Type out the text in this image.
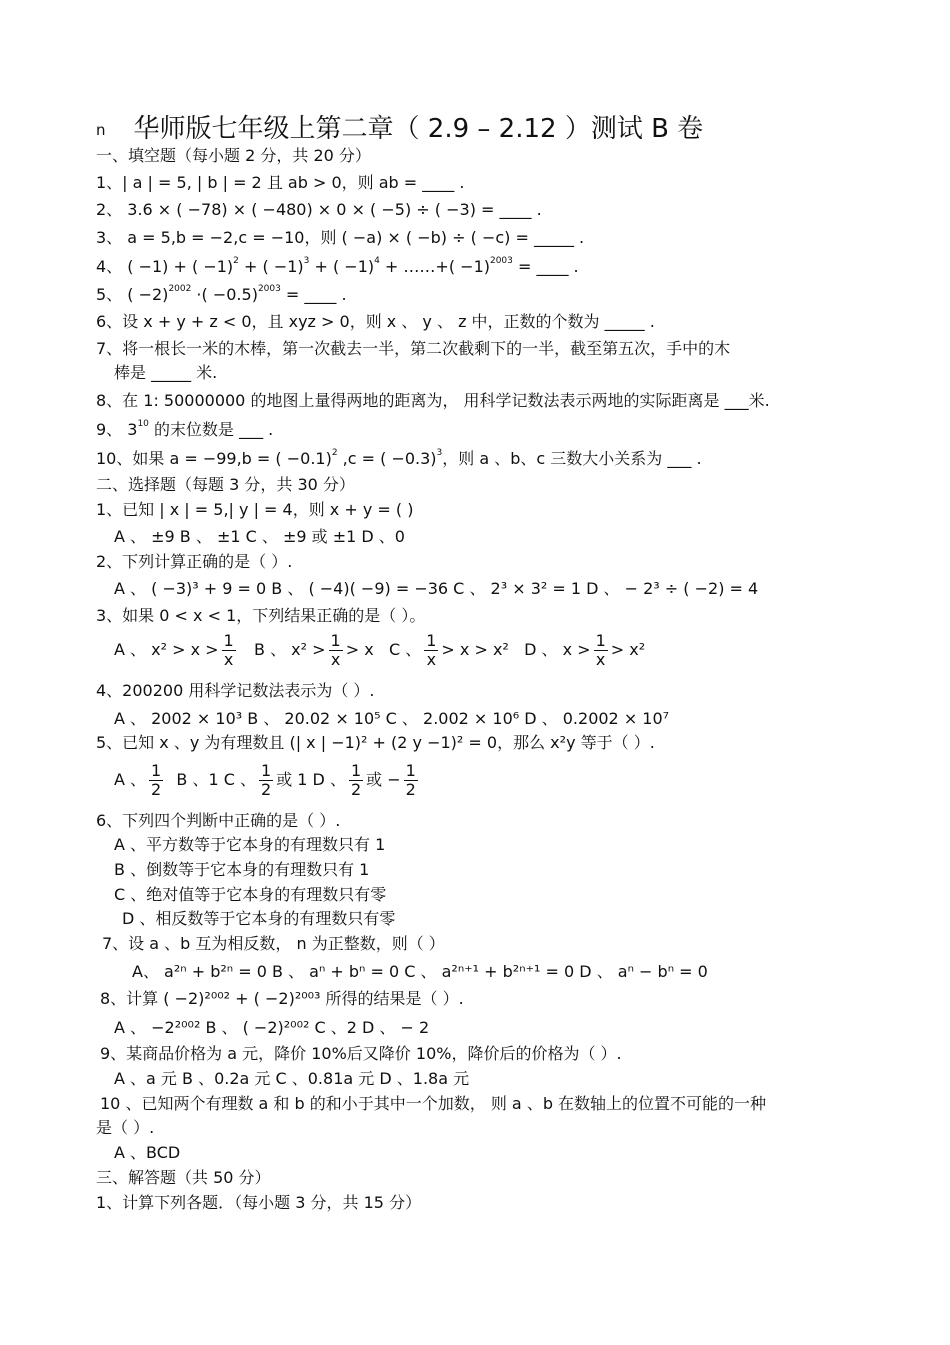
n 华师版七年级上第二章（ 2.9 – 2.12 ）测试 B 卷
一、填空题（每小题 2 分，共 20 分）
1、| a | = 5, | b | = 2 且 ab > 0，则 ab = ____ .
2、 3.6 × ( −78) × ( −480) × 0 × ( −5) ÷ ( −3) = ____ .
3、 a = 5,b = −2,c = −10，则 ( −a) × ( −b) ÷ ( −c) = _____ .
4、 ( −1) + ( −1)$^2$ + ( −1)$^3$ + ( −1)$^4$ + ……+( −1)$^{2003}$ = ____ .
5、 ( −2)$^{2002}$ ·( −0.5)$^{2003}$ = ____ .
6、设 x + y + z < 0，且 xyz > 0，则 x 、 y 、 z 中，正数的个数为 _____ .
7、将一根长一米的木棒，第一次截去一半，第二次截剩下的一半，截至第五次，手中的木
棒是 _____ 米.
8、在 1: 50000000 的地图上量得两地的距离为， 用科学记数法表示两地的实际距离是 ___米.
9、 $3^{10}$ 的末位数是 ___ .
10、如果 a = −99,b = ( −0.1)$^2$ ,c = ( −0.3)$^3$，则 a 、b、c 三数大小关系为 ___ .
二、选择题（每题 3 分，共 30 分）
1、已知 | x | = 5,| y | = 4，则 x + y = ( )
A 、 ±9 B 、 ±1 C 、 ±9 或 ±1 D 、0
2、下列计算正确的是（ ）.
A 、 ( −3)³ + 9 = 0 B 、 ( −4)( −9) = −36 C 、 2³ × 3² = 1 D 、 − 2³ ÷ ( −2) = 4
3、如果 0 < x < 1，下列结果正确的是（ ）。
A 、 $x^2 > x > \frac{1}{x}$ B 、 $x^2 > \frac{1}{x} > x$ C 、 $\frac{1}{x} > x > x^2$ D 、 $x > \frac{1}{x} > x^2$
4、200200 用科学记数法表示为（ ）.
A 、 2002 × 10³ B 、 20.02 × 10⁵ C 、 2.002 × 10⁶ D 、 0.2002 × 10⁷
5、已知 x 、y 为有理数且 (| x | −1)² + (2 y −1)² = 0，那么 x²y 等于（ ）.
A 、 $\frac{1}{2}$ B 、1 C 、 $\frac{1}{2}$ 或 1 D 、 $\frac{1}{2}$ 或 − $\frac{1}{2}$
6、下列四个判断中正确的是（ ）.
A 、平方数等于它本身的有理数只有 1
B 、倒数等于它本身的有理数只有 1
C 、绝对值等于它本身的有理数只有零
D 、相反数等于它本身的有理数只有零
7、设 a 、b 互为相反数， n 为正整数，则（ ）
A、 a²ⁿ + b²ⁿ = 0 B 、 aⁿ + bⁿ = 0 C 、 a²ⁿ⁺¹ + b²ⁿ⁺¹ = 0 D 、 aⁿ − bⁿ = 0
8、计算 ( −2)²⁰⁰² + ( −2)²⁰⁰³ 所得的结果是（ ）.
A 、 −2²⁰⁰² B 、 ( −2)²⁰⁰² C 、2 D 、 − 2
9、某商品价格为 a 元，降价 10%后又降价 10%，降价后的价格为（ ）.
A 、a 元 B 、0.2a 元 C 、0.81a 元 D 、1.8a 元
10 、已知两个有理数 a 和 b 的和小于其中一个加数， 则 a 、b 在数轴上的位置不可能的一种
是（ ）.
A 、BCD
三、解答题（共 50 分）
1、计算下列各题．（每小题 3 分，共 15 分）
